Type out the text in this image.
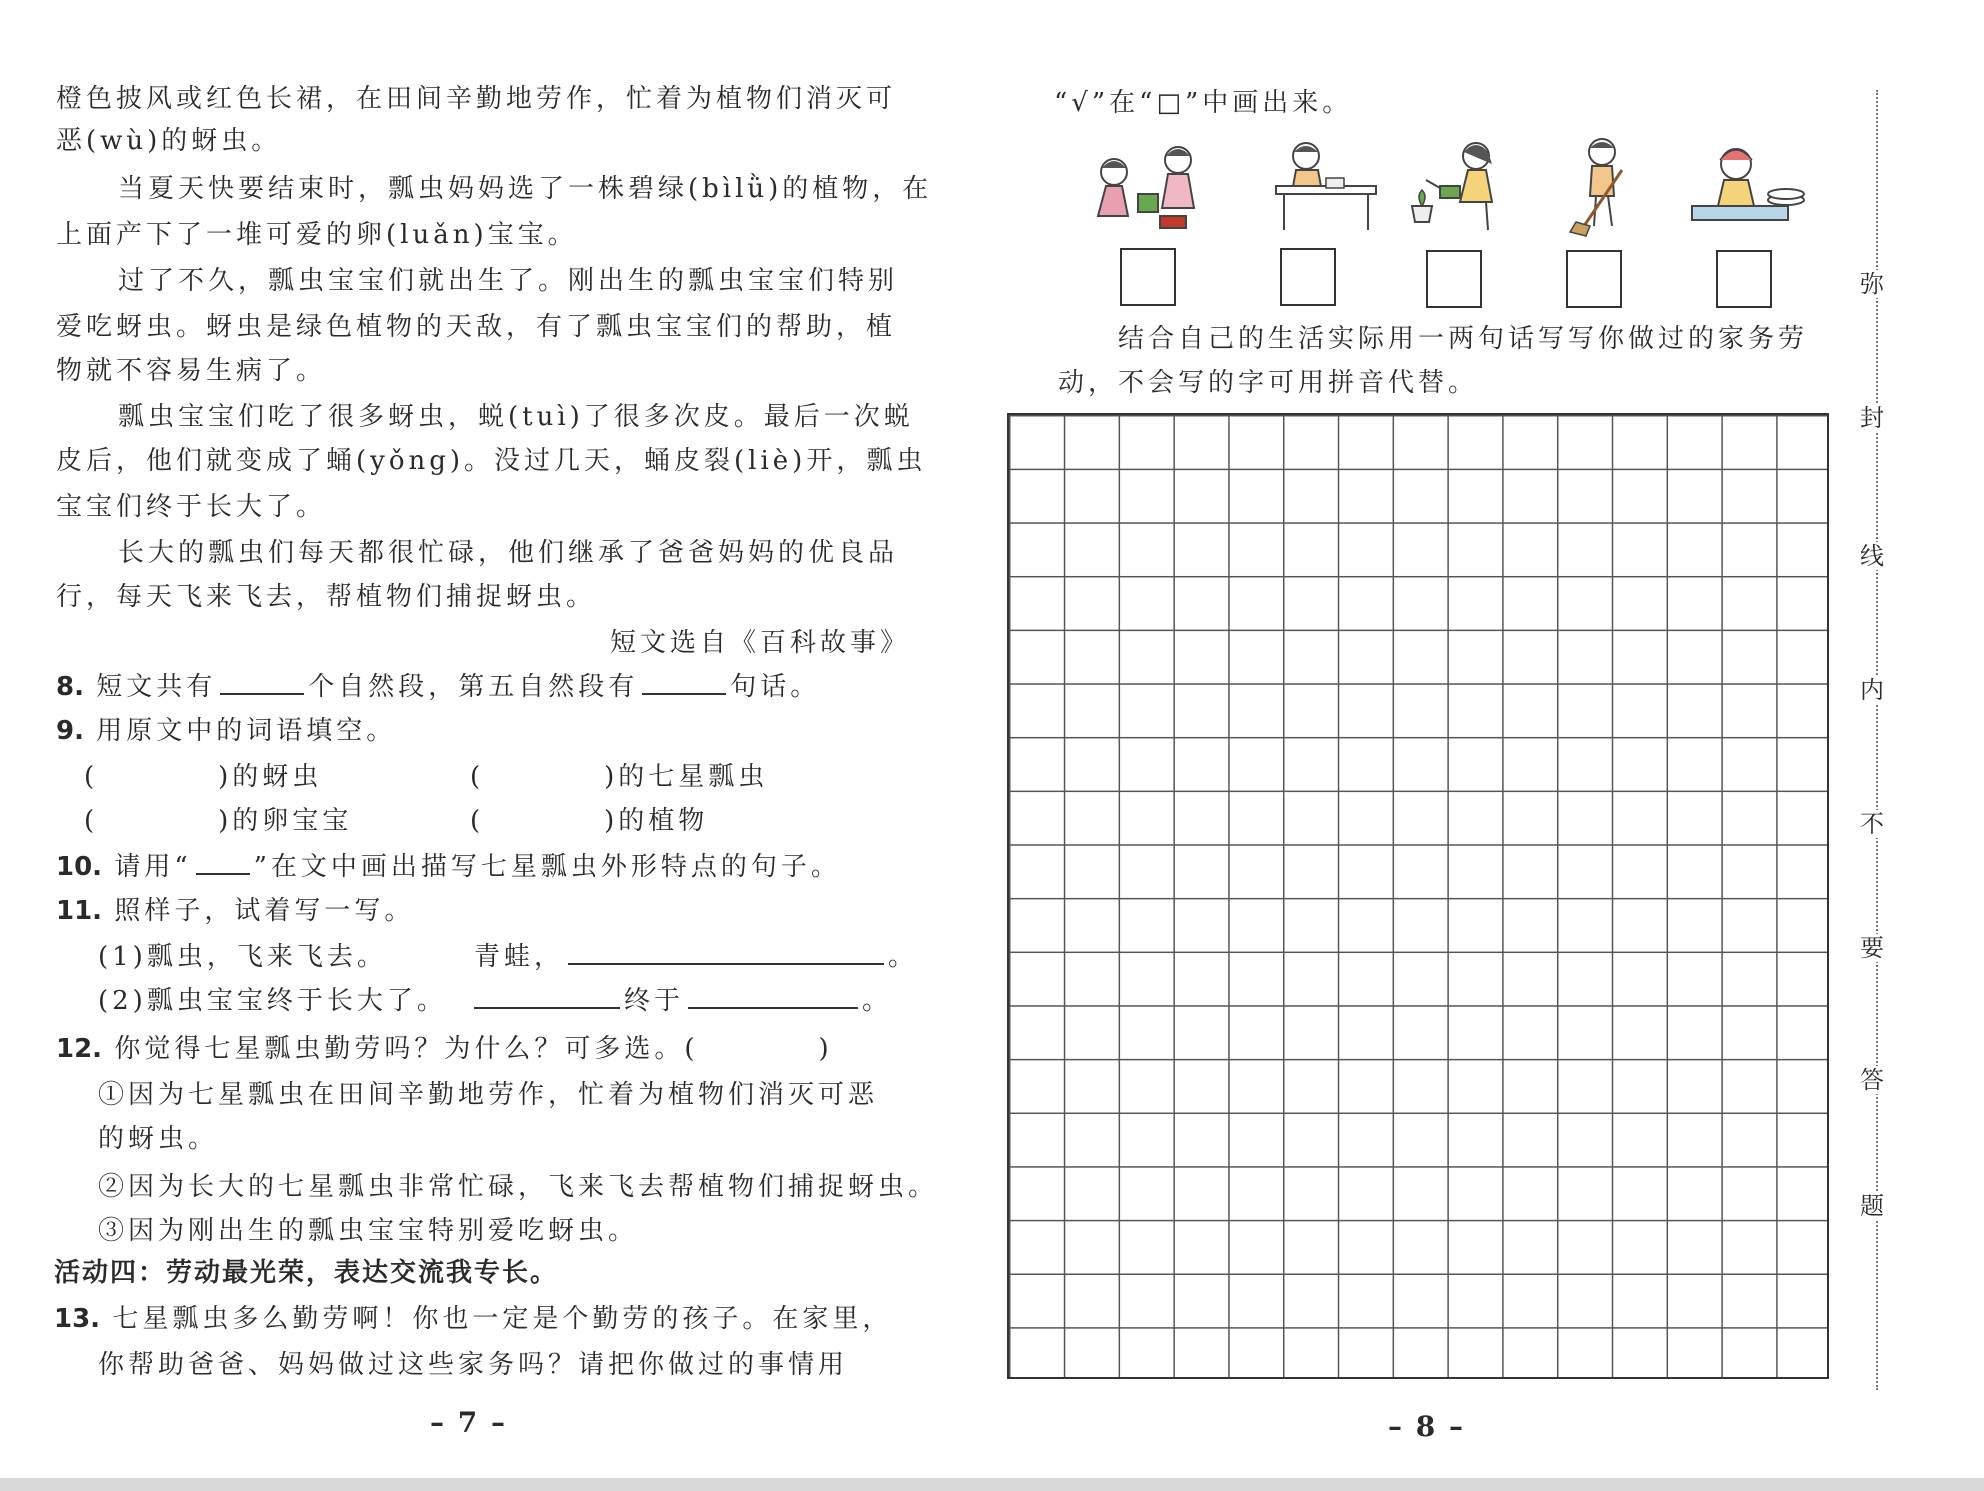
橙色披风或红色长裙，在田间辛勤地劳作，忙着为植物们消灭可
恶(wù)的蚜虫。
当夏天快要结束时，瓢虫妈妈选了一株碧绿(bìlǜ)的植物，在
上面产下了一堆可爱的卵(luǎn)宝宝。
过了不久，瓢虫宝宝们就出生了。刚出生的瓢虫宝宝们特别
爱吃蚜虫。蚜虫是绿色植物的天敌，有了瓢虫宝宝们的帮助，植
物就不容易生病了。
瓢虫宝宝们吃了很多蚜虫，蜕(tuì)了很多次皮。最后一次蜕
皮后，他们就变成了蛹(yǒng)。没过几天，蛹皮裂(liè)开，瓢虫
宝宝们终于长大了。
长大的瓢虫们每天都很忙碌，他们继承了爸爸妈妈的优良品
行，每天飞来飞去，帮植物们捕捉蚜虫。
短文选自《百科故事》
8. 短文共有	个自然段，第五自然段有	句话。
9. 用原文中的词语填空。
(　　　　)的蚜虫	(　　　　)的七星瓢虫
(　　　　)的卵宝宝	(　　　　)的植物
10. 请用“ ”在文中画出描写七星瓢虫外形特点的句子。
11. 照样子，试着写一写。
(1)瓢虫，飞来飞去。	青蛙，	。
(2)瓢虫宝宝终于长大了。	终于	。
12. 你觉得七星瓢虫勤劳吗？为什么？可多选。(　　　　)
①因为七星瓢虫在田间辛勤地劳作，忙着为植物们消灭可恶
的蚜虫。
②因为长大的七星瓢虫非常忙碌，飞来飞去帮植物们捕捉蚜虫。
③因为刚出生的瓢虫宝宝特别爱吃蚜虫。
活动四：劳动最光荣，表达交流我专长。
13. 七星瓢虫多么勤劳啊！你也一定是个勤劳的孩子。在家里，
你帮助爸爸、妈妈做过这些家务吗？请把你做过的事情用
– 7 –
“√”在“□”中画出来。
结合自己的生活实际用一两句话写写你做过的家务劳
动，不会写的字可用拼音代替。
– 8 –
弥
封
线
内
不
要
答
题
